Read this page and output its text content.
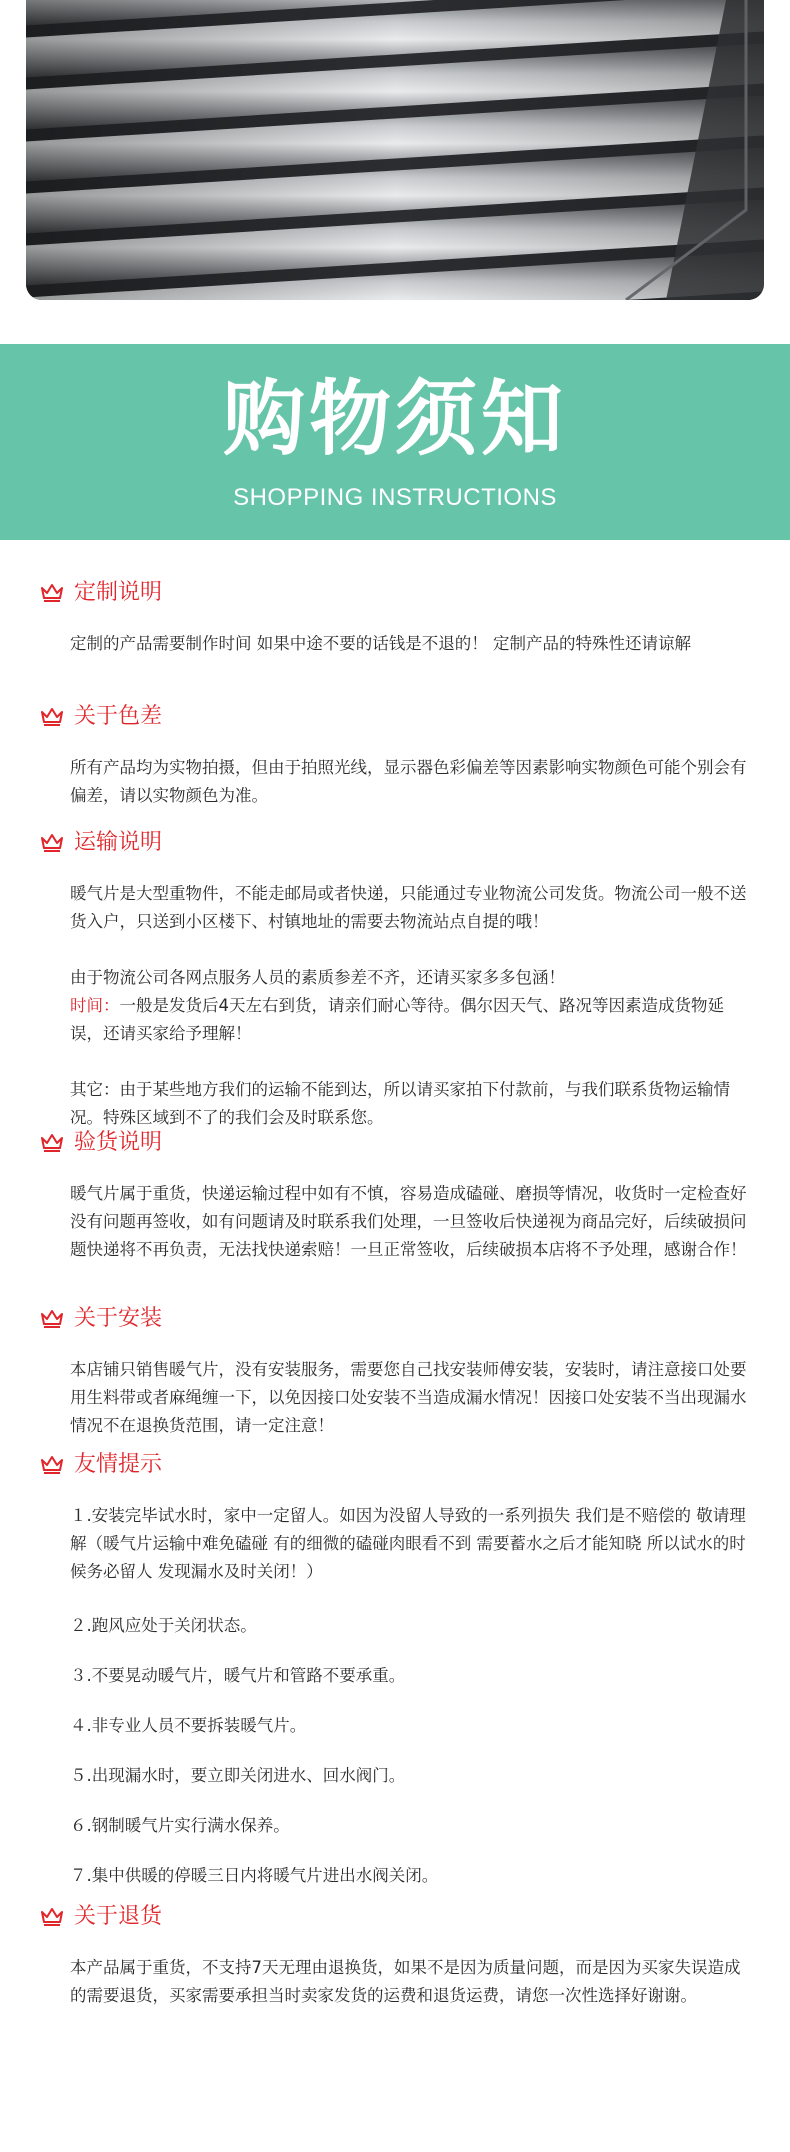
购物须知
SHOPPING INSTRUCTIONS
定制说明
定制的产品需要制作时间 如果中途不要的话钱是不退的！ 定制产品的特殊性还请谅解
关于色差
所有产品均为实物拍摄，但由于拍照光线，显示器色彩偏差等因素影响实物颜色可能个别会有偏差，请以实物颜色为准。
运输说明
暖气片是大型重物件，不能走邮局或者快递，只能通过专业物流公司发货。物流公司一般不送货入户，只送到小区楼下、村镇地址的需要去物流站点自提的哦！
由于物流公司各网点服务人员的素质参差不齐，还请买家多多包涵！
时间：一般是发货后4天左右到货，请亲们耐心等待。偶尔因天气、路况等因素造成货物延误，还请买家给予理解！
其它：由于某些地方我们的运输不能到达，所以请买家拍下付款前，与我们联系货物运输情况。特殊区域到不了的我们会及时联系您。
验货说明
暖气片属于重货，快递运输过程中如有不慎，容易造成磕碰、磨损等情况，收货时一定检查好没有问题再签收，如有问题请及时联系我们处理，一旦签收后快递视为商品完好，后续破损问题快递将不再负责，无法找快递索赔！一旦正常签收，后续破损本店将不予处理，感谢合作！
关于安装
本店铺只销售暖气片，没有安装服务，需要您自己找安装师傅安装，安装时，请注意接口处要用生料带或者麻绳缠一下，以免因接口处安装不当造成漏水情况！因接口处安装不当出现漏水情况不在退换货范围，请一定注意！
友情提示
１.安装完毕试水时，家中一定留人。如因为没留人导致的一系列损失 我们是不赔偿的 敬请理解（暖气片运输中难免磕碰 有的细微的磕碰肉眼看不到 需要蓄水之后才能知晓 所以试水的时候务必留人 发现漏水及时关闭！）
２.跑风应处于关闭状态。
３.不要晃动暖气片，暖气片和管路不要承重。
４.非专业人员不要拆装暖气片。
５.出现漏水时，要立即关闭进水、回水阀门。
６.钢制暖气片实行满水保养。
７.集中供暖的停暖三日内将暖气片进出水阀关闭。
关于退货
本产品属于重货，不支持7天无理由退换货，如果不是因为质量问题，而是因为买家失误造成的需要退货，买家需要承担当时卖家发货的运费和退货运费，请您一次性选择好谢谢。
